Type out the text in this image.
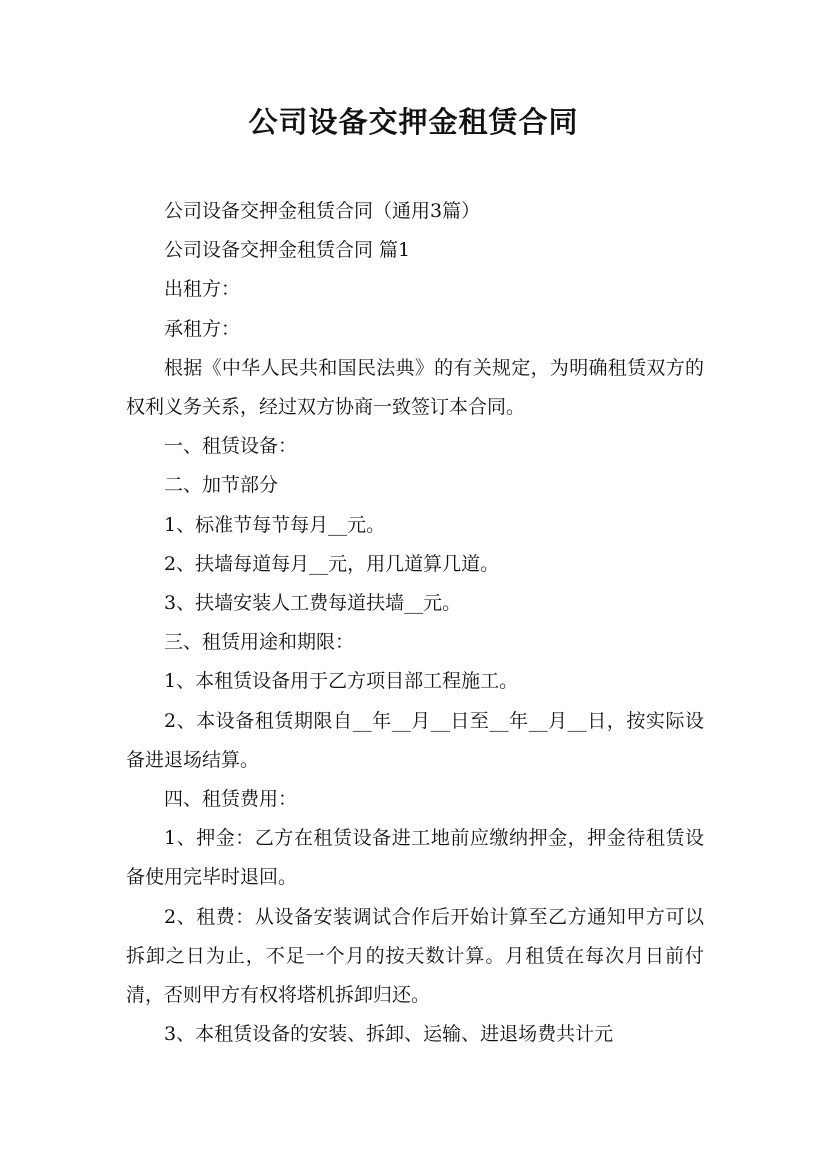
公司设备交押金租赁合同

公司设备交押金租赁合同（通用3篇）

公司设备交押金租赁合同 篇1

出租方：

承租方：

根据《中华人民共和国民法典》的有关规定，为明确租赁双方的权利义务关系，经过双方协商一致签订本合同。

一、租赁设备：

二、加节部分

1、标准节每节每月__元。

2、扶墙每道每月__元，用几道算几道。

3、扶墙安装人工费每道扶墙__元。

三、租赁用途和期限：

1、本租赁设备用于乙方项目部工程施工。

2、本设备租赁期限自__年__月__日至__年__月__日，按实际设备进退场结算。

四、租赁费用：

1、押金：乙方在租赁设备进工地前应缴纳押金，押金待租赁设备使用完毕时退回。

2、租费：从设备安装调试合作后开始计算至乙方通知甲方可以拆卸之日为止，不足一个月的按天数计算。月租赁在每次月日前付清，否则甲方有权将塔机拆卸归还。

3、本租赁设备的安装、拆卸、运输、进退场费共计元
